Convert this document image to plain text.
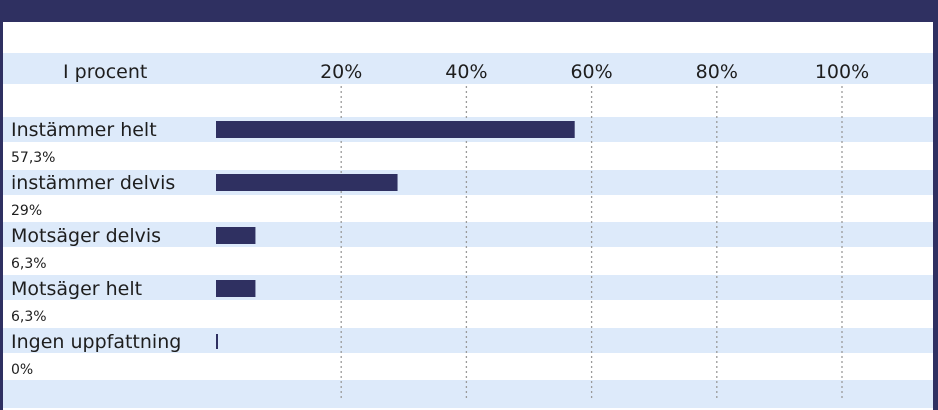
I procent	20%	40%	60%	80%	100%
Instämmer helt
57,3%
instämmer delvis
29%
Motsäger delvis
6,3%
Motsäger helt
6,3%
Ingen uppfattning
0%
